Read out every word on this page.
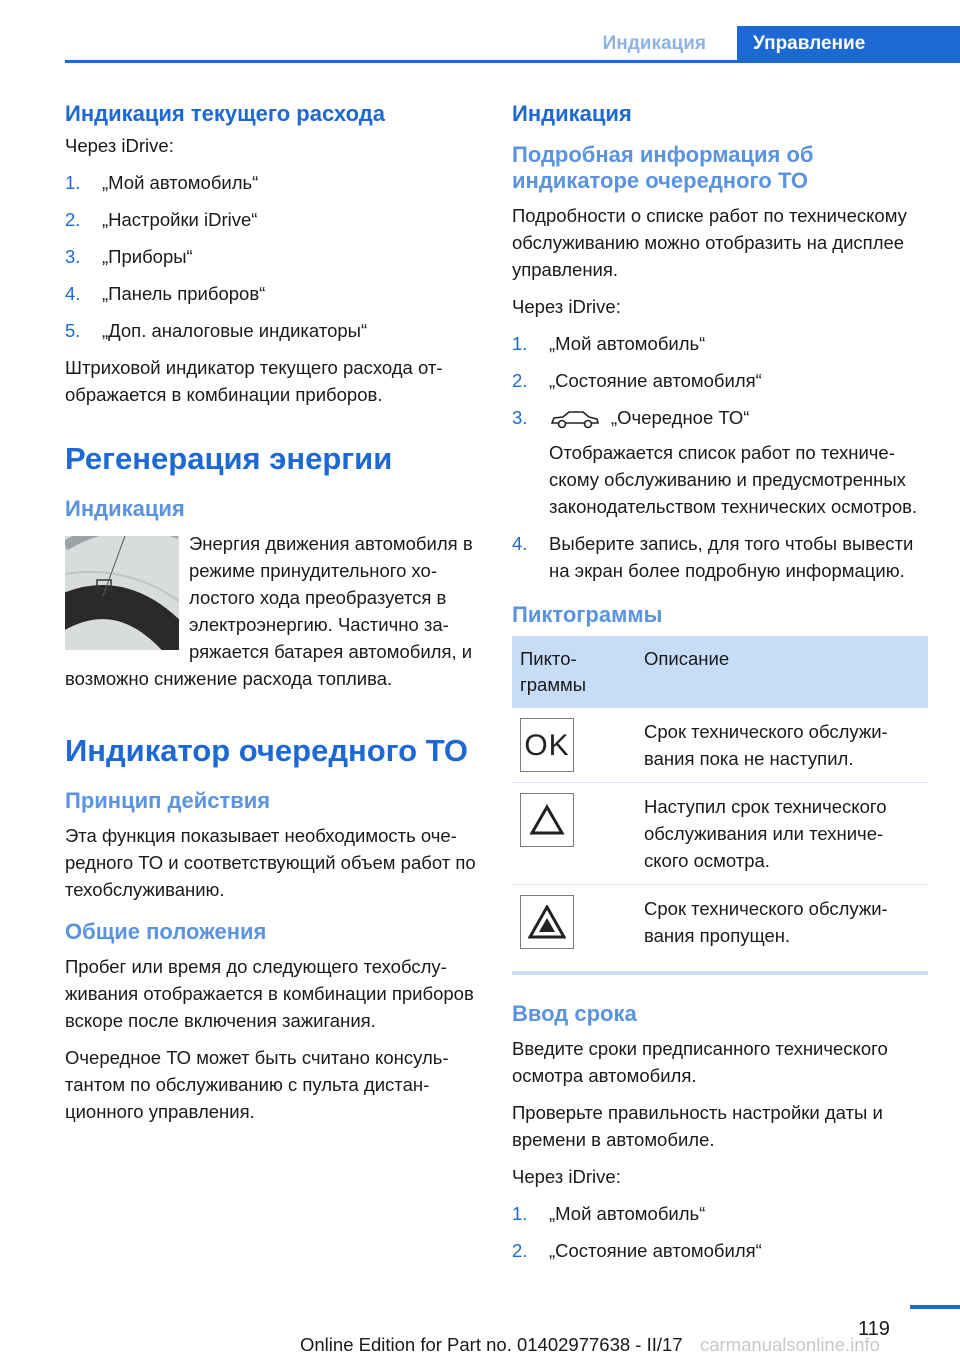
Индикация	Управление
Индикация текущего расхода

Через iDrive:

1. „Мой автомобиль“
2. „Настройки iDrive“
3. „Приборы“
4. „Панель приборов“
5. „Доп. аналоговые индикаторы“

Штриховой индикатор текущего расхода отображается в комбинации приборов.

Регенерация энергии
Индикация

Энергия движения автомобиля в режиме принудительного холостого хода преобразуется в электроэнергию. Частично заряжается батарея автомобиля, и возможно снижение расхода топлива.

Индикатор очередного ТО
Принцип действия

Эта функция показывает необходимость очередного ТО и соответствующий объем работ по техобслуживанию.

Общие положения

Пробег или время до следующего техобслуживания отображается в комбинации приборов вскоре после включения зажигания.

Очередное ТО может быть считано консультантом по обслуживанию с пульта дистанционного управления.

Индикация
Подробная информация об индикаторе очередного ТО

Подробности о списке работ по техническому обслуживанию можно отобразить на дисплее управления.

Через iDrive:

1. „Мой автомобиль“
2. „Состояние автомобиля“
3.	„Очередное ТО“
Отображается список работ по техническому обслуживанию и предусмотренных законодательством технических осмотров.
4. Выберите запись, для того чтобы вывести на экран более подробную информацию.
Пиктограммы
Пиктограммы	Описание

OK	Срок технического обслуживания пока не наступил.

	Наступил срок технического обслуживания или технического осмотра.

	Срок технического обслуживания пропущен.
Ввод срока

Введите сроки предписанного технического осмотра автомобиля.

Проверьте правильность настройки даты и времени в автомобиле.

Через iDrive:

1. „Мой автомобиль“
2. „Состояние автомобиля“
119
Online Edition for Part no. 01402977638 - II/17 carmanualsonline.info
